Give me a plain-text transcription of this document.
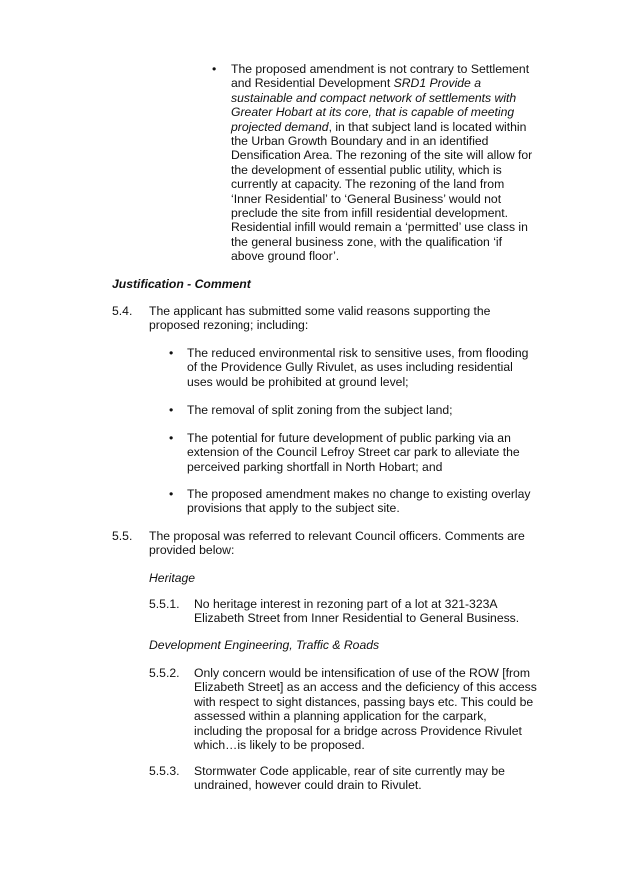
•	The proposed amendment is not contrary to Settlement
and Residential Development SRD1 Provide a
sustainable and compact network of settlements with
Greater Hobart at its core, that is capable of meeting
projected demand, in that subject land is located within
the Urban Growth Boundary and in an identified
Densification Area. The rezoning of the site will allow for
the development of essential public utility, which is
currently at capacity. The rezoning of the land from
‘Inner Residential’ to ‘General Business’ would not
preclude the site from infill residential development.
Residential infill would remain a ‘permitted’ use class in
the general business zone, with the qualification ‘if
above ground floor’.
Justification - Comment
5.4. The applicant has submitted some valid reasons supporting the
proposed rezoning; including:
•	The reduced environmental risk to sensitive uses, from flooding
of the Providence Gully Rivulet, as uses including residential
uses would be prohibited at ground level;
•	The removal of split zoning from the subject land;
•	The potential for future development of public parking via an
extension of the Council Lefroy Street car park to alleviate the
perceived parking shortfall in North Hobart; and
•	The proposed amendment makes no change to existing overlay
provisions that apply to the subject site.
5.5. The proposal was referred to relevant Council officers. Comments are
provided below:
Heritage
5.5.1. No heritage interest in rezoning part of a lot at 321-323A
Elizabeth Street from Inner Residential to General Business.
Development Engineering, Traffic & Roads
5.5.2. Only concern would be intensification of use of the ROW [from
Elizabeth Street] as an access and the deficiency of this access
with respect to sight distances, passing bays etc. This could be
assessed within a planning application for the carpark,
including the proposal for a bridge across Providence Rivulet
which…is likely to be proposed.
5.5.3. Stormwater Code applicable, rear of site currently may be
undrained, however could drain to Rivulet.
